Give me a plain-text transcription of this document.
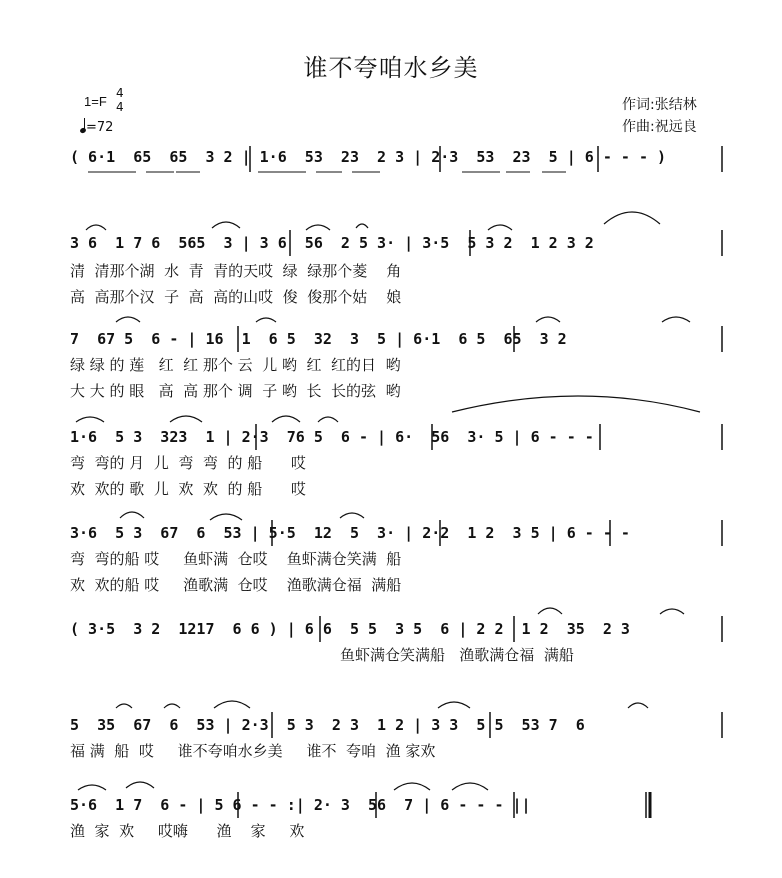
谁不夸咱水乡美
1=F
4
4
=72
作词:张结林
作曲:祝远良
( 6·1  65  65  3 2 | 1·6  53  23  2 3 | 2·3  53  23  5 | 6 - - - )
3 6  1 7 6  565  3 | 3 6  56  2 5 3· | 3·5  5 3 2  1 2 3 2
清  清那个湖  水  青  青的天哎  绿  绿那个菱    角
高  高那个汉  子  高  高的山哎  俊  俊那个姑    娘
7  67 5  6 - | 16  1  6 5  32  3  5 | 6·1  6 5  65  3 2
绿 绿 的 莲   红  红 那个 云  儿 哟  红  红的日  哟
大 大 的 眼   高  高 那个 调  子 哟  长  长的弦  哟
1·6  5 3  323  1 | 2·3  76 5  6 - | 6·  56  3· 5 | 6 - - -
弯  弯的 月  儿  弯  弯  的 船      哎
欢  欢的 歌  儿  欢  欢  的 船      哎
3·6  5 3  67  6  53 | 5·5  12  5  3· | 2·2  1 2  3 5 | 6 - - -
弯  弯的船 哎     鱼虾满  仓哎    鱼虾满仓笑满  船
欢  欢的船 哎     渔歌满  仓哎    渔歌满仓福  满船
( 3·5  3 2  1217  6 6 ) | 6 6  5 5  3 5  6 | 2 2  1 2  35  2 3
鱼虾满仓笑满船   渔歌满仓福  满船
5  35  67  6  53 | 2·3  5 3  2 3  1 2 | 3 3  5 5  53 7  6
福 满  船  哎     谁不夸咱水乡美     谁不  夸咱  渔 家欢
5·6  1 7  6 - | 5 6 - - :| 2· 3  56  7 | 6 - - - ||
渔  家  欢     哎嗨      渔    家     欢
